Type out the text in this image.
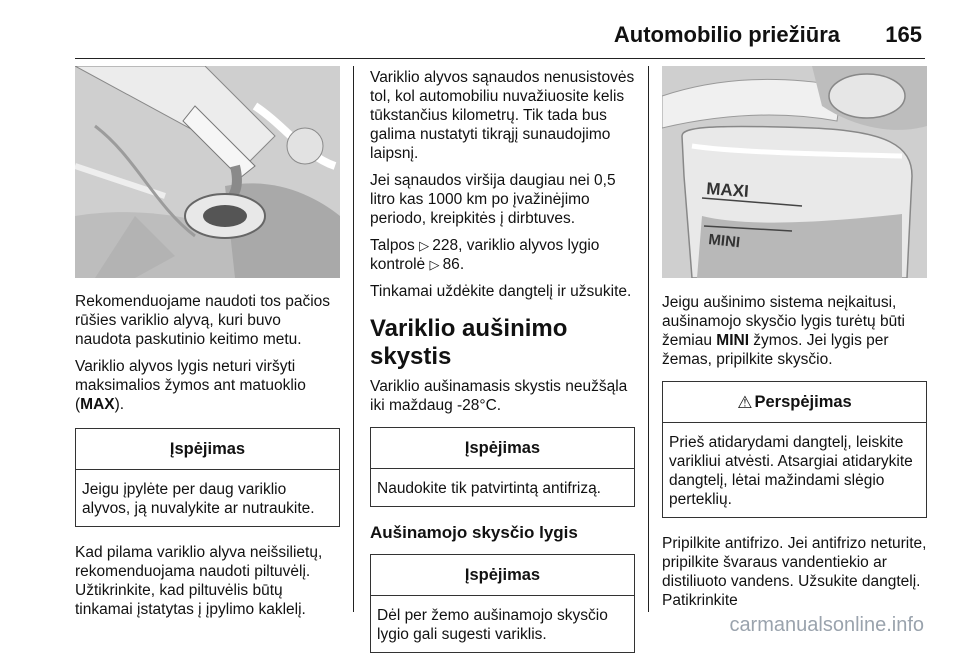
Automobilio priežiūra 165

Rekomenduojame naudoti tos pačios rūšies variklio alyvą, kuri buvo naudota paskutinio keitimo metu.

Variklio alyvos lygis neturi viršyti maksimalios žymos ant matuoklio (MAX).

Įspėjimas
Jeigu įpylėte per daug variklio alyvos, ją nuvalykite ar nutraukite.

Kad pilama variklio alyva neišsilietų, rekomenduojama naudoti piltuvėlį. Užtikrinkite, kad piltuvėlis būtų tinkamai įstatytas į įpylimo kaklelį.

Variklio alyvos sąnaudos nenusistovės tol, kol automobiliu nuvažiuosite kelis tūkstančius kilometrų. Tik tada bus galima nustatyti tikrąjį sunaudojimo laipsnį.

Jei sąnaudos viršija daugiau nei 0,5 litro kas 1000 km po įvažinėjimo periodo, kreipkitės į dirbtuves.

Talpos ▷  228, variklio alyvos lygio kontrolė ▷  86.

Tinkamai uždėkite dangtelį ir užsukite.

Variklio aušinimo skystis

Variklio aušinamasis skystis neužšąla iki maždaug -28°C.

Įspėjimas
Naudokite tik patvirtintą antifrizą.
Aušinamojo skysčio lygis
Įspėjimas
Dėl per žemo aušinamojo skysčio lygio gali sugesti variklis.
MAXI
MINI

Jeigu aušinimo sistema neįkaitusi, aušinamojo skysčio lygis turėtų būti žemiau MINI žymos. Jei lygis per žemas, pripilkite skysčio.

⚠ Perspėjimas
Prieš atidarydami dangtelį, leiskite varikliui atvėsti. Atsargiai atidarykite dangtelį, lėtai mažindami slėgio perteklių.

Pripilkite antifrizo. Jei antifrizo neturite, pripilkite švaraus vandentiekio ar distiliuoto vandens. Užsukite dangtelį. Patikrinkite

carmanualsonline.info
